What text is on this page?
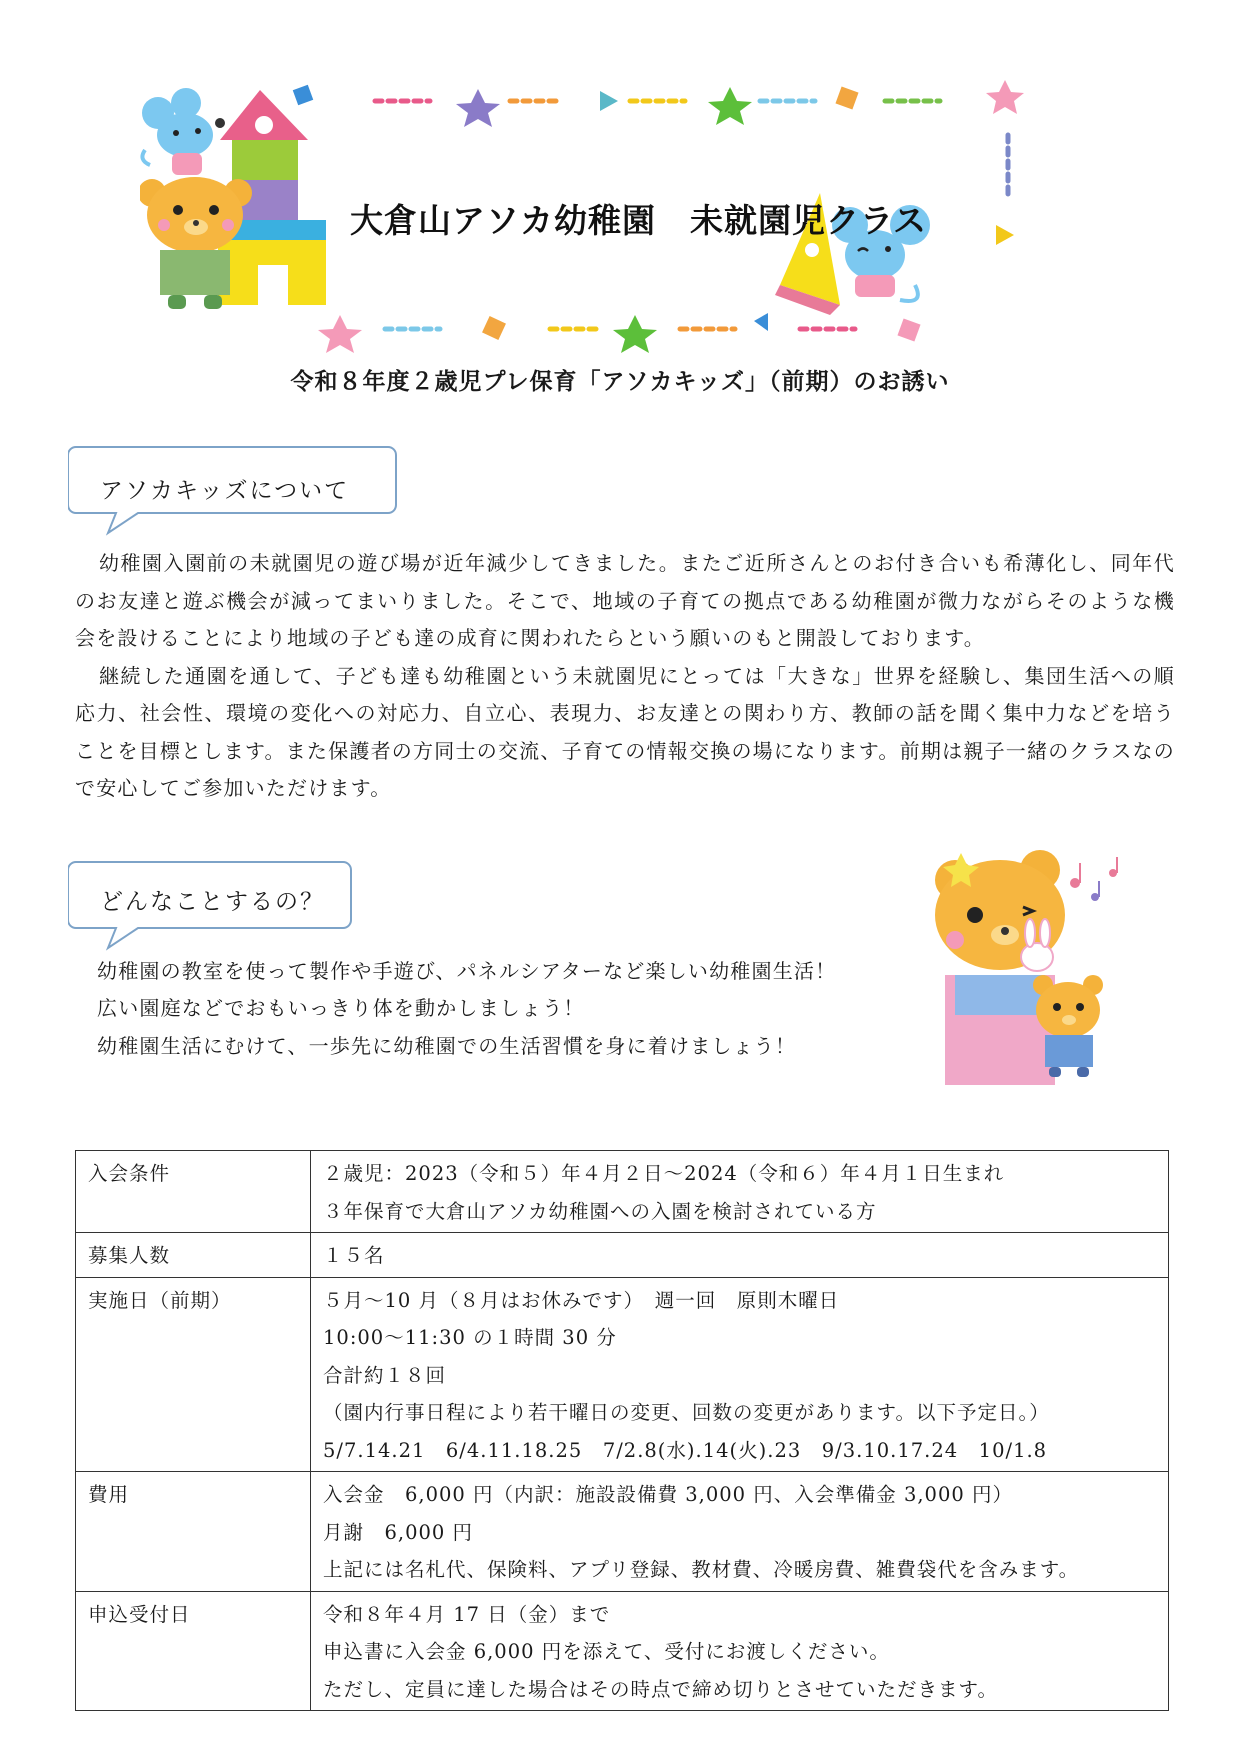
大倉山アソカ幼稚園　未就園児クラス
令和８年度２歳児プレ保育「アソカキッズ」（前期）のお誘い
アソカキッズについて

幼稚園入園前の未就園児の遊び場が近年減少してきました。またご近所さんとのお付き合いも希薄化し、同年代のお友達と遊ぶ機会が減ってまいりました。そこで、地域の子育ての拠点である幼稚園が微力ながらそのような機会を設けることにより地域の子ども達の成育に関われたらという願いのもと開設しております。

継続した通園を通して、子ども達も幼稚園という未就園児にとっては「大きな」世界を経験し、集団生活への順応力、社会性、環境の変化への対応力、自立心、表現力、お友達との関わり方、教師の話を聞く集中力などを培うことを目標とします。また保護者の方同士の交流、子育ての情報交換の場になります。前期は親子一緒のクラスなので安心してご参加いただけます。

どんなことするの？
幼稚園の教室を使って製作や手遊び、パネルシアターなど楽しい幼稚園生活！
広い園庭などでおもいっきり体を動かしましょう！
幼稚園生活にむけて、一歩先に幼稚園での生活習慣を身に着けましょう！
入会条件	２歳児：2023（令和５）年４月２日～2024（令和６）年４月１日生まれ
３年保育で大倉山アソカ幼稚園への入園を検討されている方

募集人数	１５名

実施日（前期）	５月～10 月（８月はお休みです）　週一回　原則木曜日
10:00～11:30 の１時間 30 分
合計約１８回
（園内行事日程により若干曜日の変更、回数の変更があります。以下予定日。）
5/7.14.21　6/4.11.18.25　7/2.8(水).14(火).23　9/3.10.17.24　10/1.8

費用	入会金　6,000 円（内訳：施設設備費 3,000 円、入会準備金 3,000 円）
月謝　6,000 円
上記には名札代、保険料、アプリ登録、教材費、冷暖房費、雑費袋代を含みます。

申込受付日	令和８年４月 17 日（金）まで
申込書に入会金 6,000 円を添えて、受付にお渡しください。
ただし、定員に達した場合はその時点で締め切りとさせていただきます。
